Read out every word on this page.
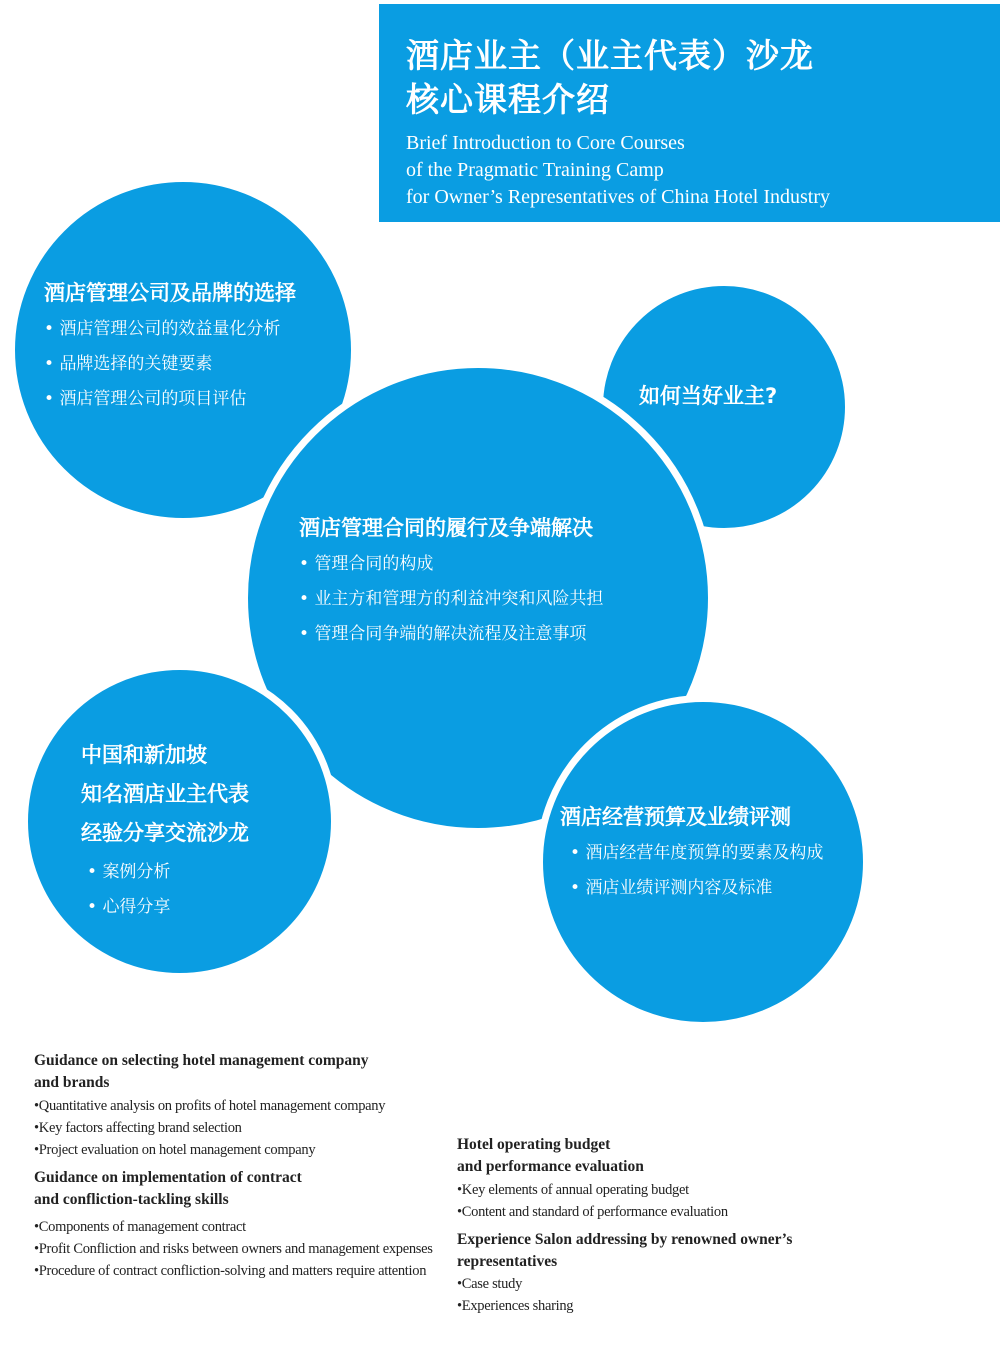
酒店业主（业主代表）沙龙
核心课程介绍
Brief Introduction to Core Courses
of the Pragmatic Training Camp
for Owner’s Representatives of China Hotel Industry
酒店管理公司及品牌的选择
• 酒店管理公司的效益量化分析
• 品牌选择的关键要素
• 酒店管理公司的项目评估	如何当好业主?
酒店管理合同的履行及争端解决
• 管理合同的构成
• 业主方和管理方的利益冲突和风险共担
• 管理合同争端的解决流程及注意事项
中国和新加坡
知名酒店业主代表
经验分享交流沙龙
• 案例分析
• 心得分享
酒店经营预算及业绩评测
• 酒店经营年度预算的要素及构成
• 酒店业绩评测内容及标准
Guidance on selecting hotel management company
and brands
• Quantitative analysis on profits of hotel management company
• Key factors affecting brand selection
• Project evaluation on hotel management company
Guidance on implementation of contract
and confliction-tackling skills
• Components of management contract
• Profit Confliction and risks between owners and management expenses
• Procedure of contract confliction-solving and matters require attention
Hotel operating budget
and performance evaluation
• Key elements of annual operating budget
• Content and standard of performance evaluation
Experience Salon addressing by renowned owner’s
representatives
• Case study
• Experiences sharing
